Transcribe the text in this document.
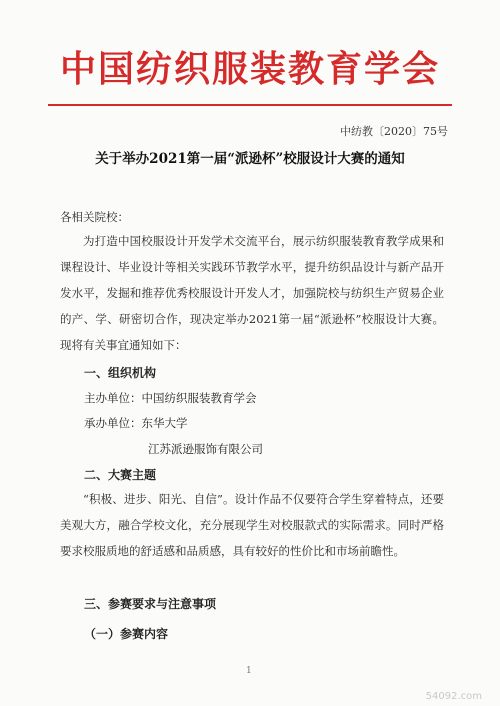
中国纺织服装教育学会
中纺教〔2020〕75号
关于举办2021第一届“派逊杯”校服设计大赛的通知
各相关院校：
为打造中国校服设计开发学术交流平台，展示纺织服装教育教学成果和课程设计、毕业设计等相关实践环节教学水平，提升纺织品设计与新产品开发水平，发掘和推荐优秀校服设计开发人才，加强院校与纺织生产贸易企业的产、学、研密切合作，现决定举办2021第一届“派逊杯”校服设计大赛。现将有关事宜通知如下：
一、组织机构
主办单位：中国纺织服装教育学会
承办单位：东华大学
江苏派逊服饰有限公司
二、大赛主题
“积极、进步、阳光、自信”。设计作品不仅要符合学生穿着特点，还要美观大方，融合学校文化，充分展现学生对校服款式的实际需求。同时严格要求校服质地的舒适感和品质感，具有较好的性价比和市场前瞻性。
三、参赛要求与注意事项
（一）参赛内容
1
54092.com
